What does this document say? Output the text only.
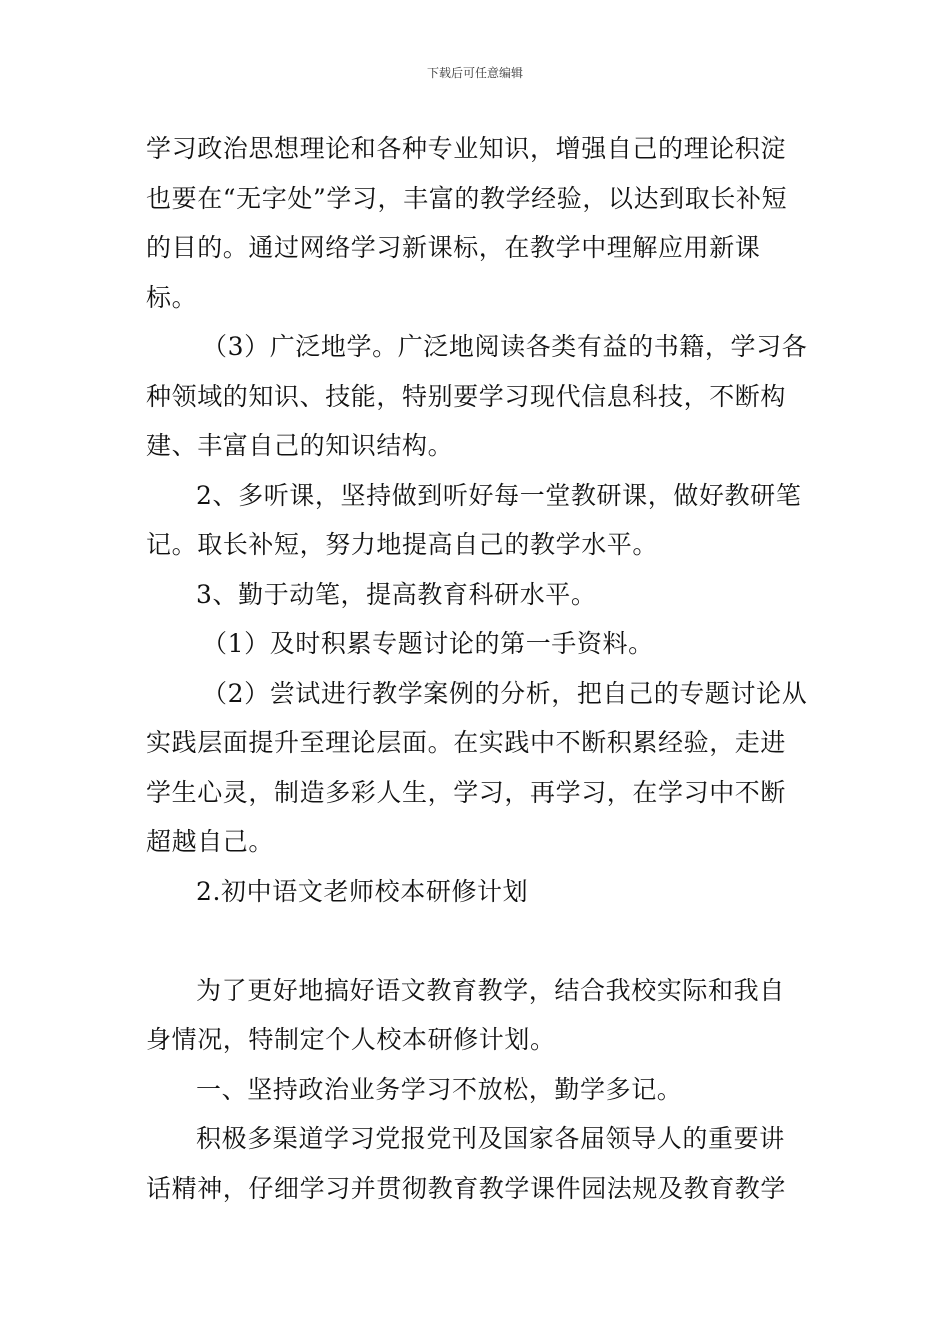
下载后可任意编辑

学习政治思想理论和各种专业知识，增强自己的理论积淀也要在“无字处”学习，丰富的教学经验，以达到取长补短的目的。通过网络学习新课标，在教学中理解应用新课标。

（3）广泛地学。广泛地阅读各类有益的书籍，学习各种领域的知识、技能，特别要学习现代信息科技，不断构建、丰富自己的知识结构。

2、多听课，坚持做到听好每一堂教研课，做好教研笔记。取长补短，努力地提高自己的教学水平。

3、勤于动笔，提高教育科研水平。

（1）及时积累专题讨论的第一手资料。

（2）尝试进行教学案例的分析，把自己的专题讨论从实践层面提升至理论层面。在实践中不断积累经验，走进学生心灵，制造多彩人生，学习，再学习，在学习中不断超越自己。

2.初中语文老师校本研修计划

为了更好地搞好语文教育教学，结合我校实际和我自身情况，特制定个人校本研修计划。

一、坚持政治业务学习不放松，勤学多记。

积极多渠道学习党报党刊及国家各届领导人的重要讲话精神，仔细学习并贯彻教育教学课件园法规及教育教学
